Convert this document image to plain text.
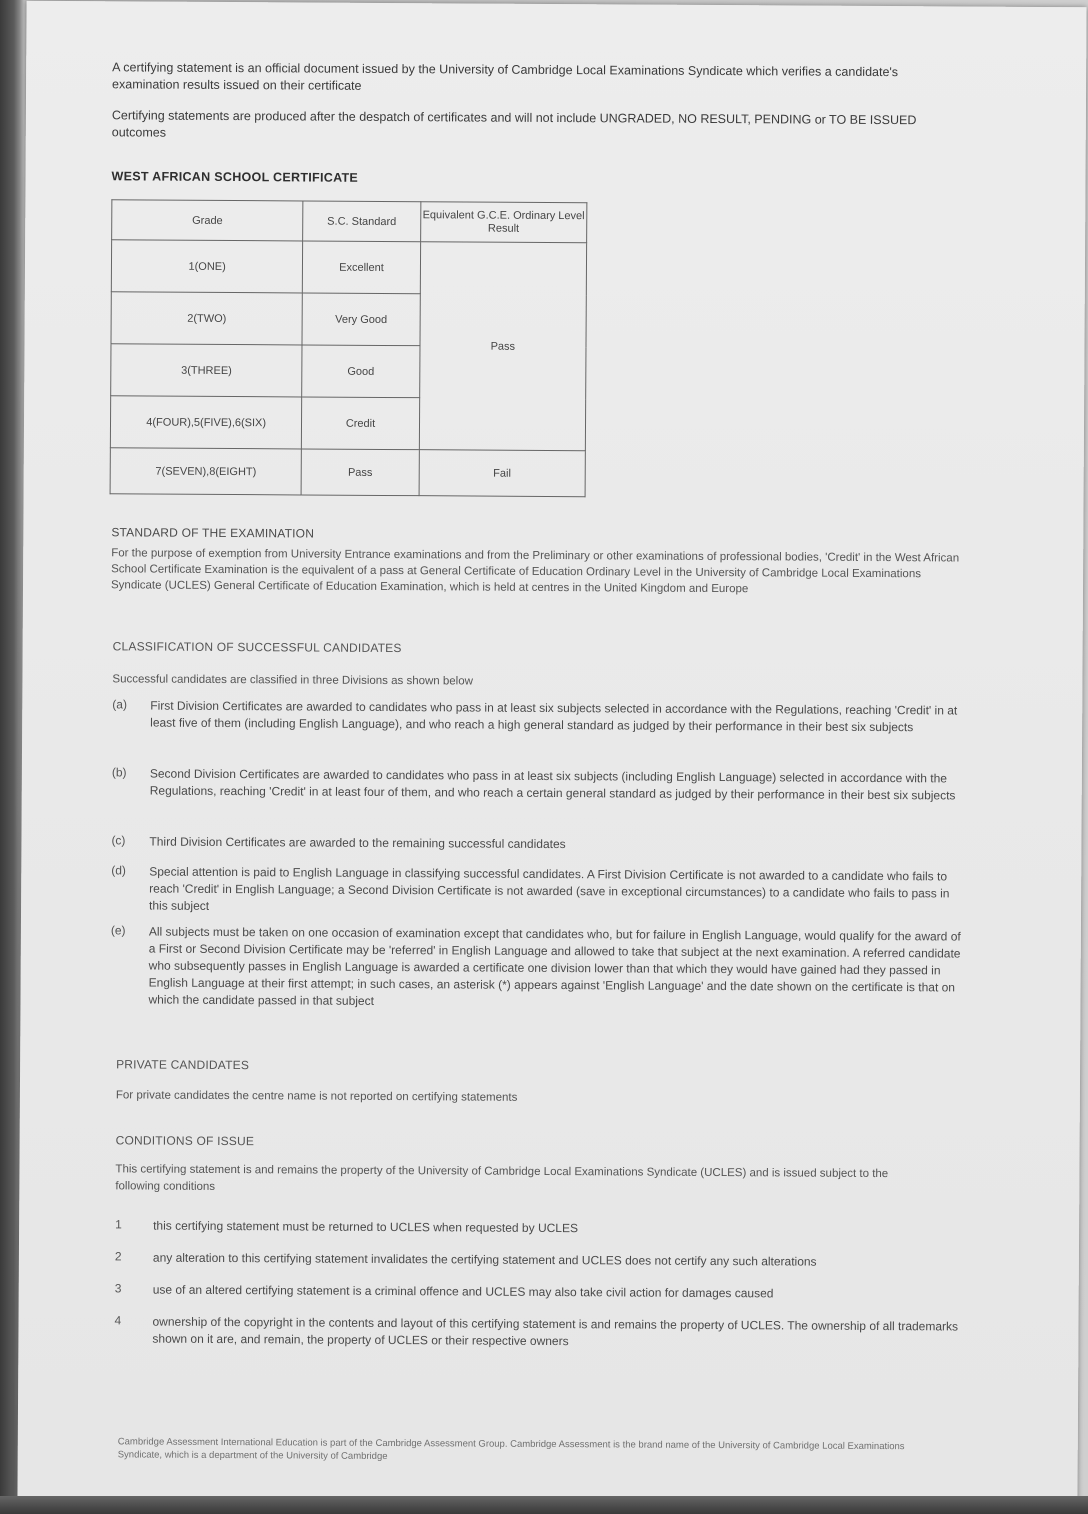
A certifying statement is an official document issued by the University of Cambridge Local Examinations Syndicate which verifies a candidate's examination results issued on their certificate
Certifying statements are produced after the despatch of certificates and will not include UNGRADED, NO RESULT, PENDING or TO BE ISSUED outcomes
WEST AFRICAN SCHOOL CERTIFICATE
Grade	S.C. Standard	Equivalent G.C.E. Ordinary Level Result
1(ONE)	Excellent	Pass
2(TWO)	Very Good	
3(THREE)	Good	
4(FOUR),5(FIVE),6(SIX)	Credit	
7(SEVEN),8(EIGHT)	Pass	Fail
STANDARD OF THE EXAMINATION
For the purpose of exemption from University Entrance examinations and from the Preliminary or other examinations of professional bodies, 'Credit' in the West African School Certificate Examination is the equivalent of a pass at General Certificate of Education Ordinary Level in the University of Cambridge Local Examinations Syndicate (UCLES) General Certificate of Education Examination, which is held at centres in the United Kingdom and Europe
CLASSIFICATION OF SUCCESSFUL CANDIDATES
Successful candidates are classified in three Divisions as shown below
(a)	First Division Certificates are awarded to candidates who pass in at least six subjects selected in accordance with the Regulations, reaching 'Credit' in at least five of them (including English Language), and who reach a high general standard as judged by their performance in their best six subjects
(b)	Second Division Certificates are awarded to candidates who pass in at least six subjects (including English Language) selected in accordance with the Regulations, reaching 'Credit' in at least four of them, and who reach a certain general standard as judged by their performance in their best six subjects
(c)	Third Division Certificates are awarded to the remaining successful candidates
(d)	Special attention is paid to English Language in classifying successful candidates. A First Division Certificate is not awarded to a candidate who fails to reach 'Credit' in English Language; a Second Division Certificate is not awarded (save in exceptional circumstances) to a candidate who fails to pass in this subject
(e)	All subjects must be taken on one occasion of examination except that candidates who, but for failure in English Language, would qualify for the award of a First or Second Division Certificate may be 'referred' in English Language and allowed to take that subject at the next examination. A referred candidate who subsequently passes in English Language is awarded a certificate one division lower than that which they would have gained had they passed in English Language at their first attempt; in such cases, an asterisk (*) appears against 'English Language' and the date shown on the certificate is that on which the candidate passed in that subject
PRIVATE CANDIDATES
For private candidates the centre name is not reported on certifying statements
CONDITIONS OF ISSUE
This certifying statement is and remains the property of the University of Cambridge Local Examinations Syndicate (UCLES) and is issued subject to the following conditions
1	this certifying statement must be returned to UCLES when requested by UCLES
2	any alteration to this certifying statement invalidates the certifying statement and UCLES does not certify any such alterations
3	use of an altered certifying statement is a criminal offence and UCLES may also take civil action for damages caused
4	ownership of the copyright in the contents and layout of this certifying statement is and remains the property of UCLES. The ownership of all trademarks shown on it are, and remain, the property of UCLES or their respective owners
Cambridge Assessment International Education is part of the Cambridge Assessment Group. Cambridge Assessment is the brand name of the University of Cambridge Local Examinations Syndicate, which is a department of the University of Cambridge
